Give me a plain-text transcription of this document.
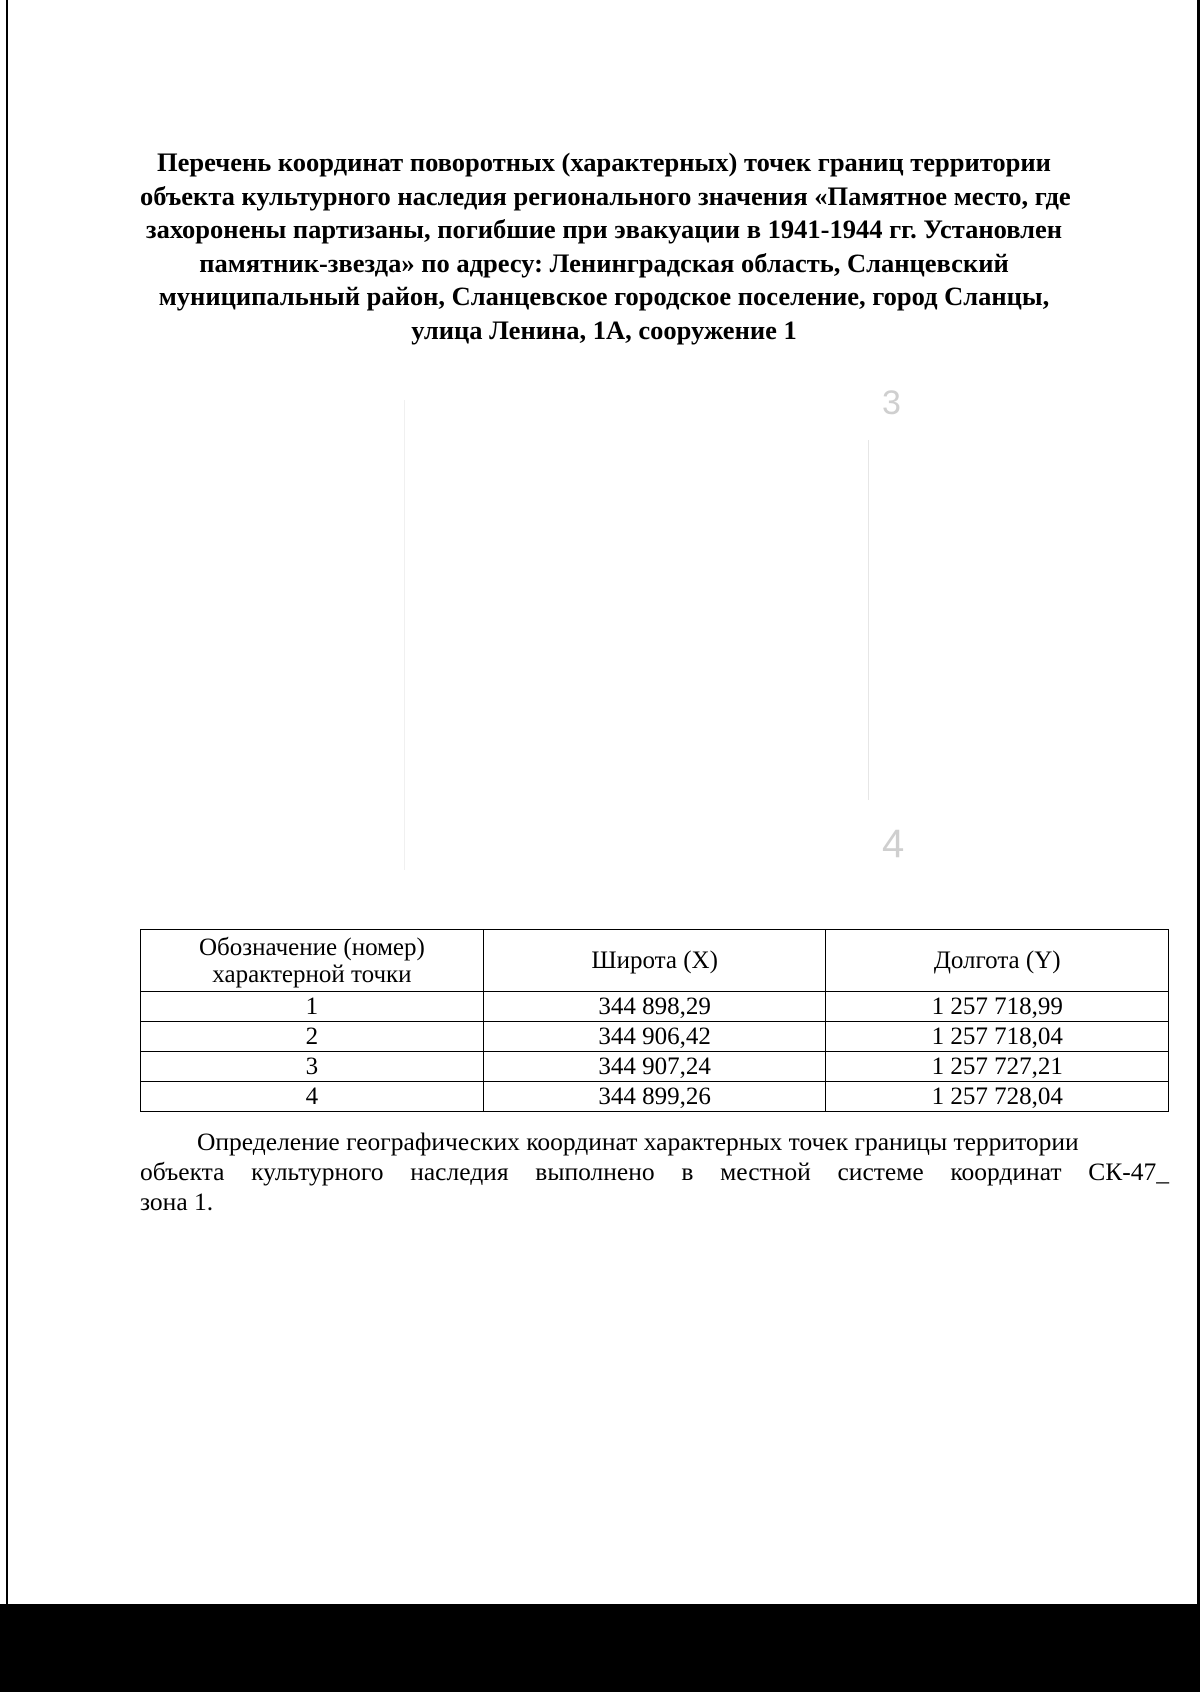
Перечень координат поворотных (характерных) точек границ территории
объекта культурного наследия регионального значения «Памятное место, где
захоронены партизаны, погибшие при эвакуации в 1941-1944 гг. Установлен
памятник-звезда» по адресу: Ленинградская область, Сланцевский
муниципальный район, Сланцевское городское поселение, город Сланцы,
улица Ленина, 1А, сооружение 1
3
4
Обозначение (номер)
характерной точки	Широта (X)	Долгота (Y)
1	344 898,29	1 257 718,99
2	344 906,42	1 257 718,04
3	344 907,24	1 257 727,21
4	344 899,26	1 257 728,04
Определение географических координат характерных точек границы территории
объекта культурного наследия выполнено в местной системе координат СК-47_
зона 1.
